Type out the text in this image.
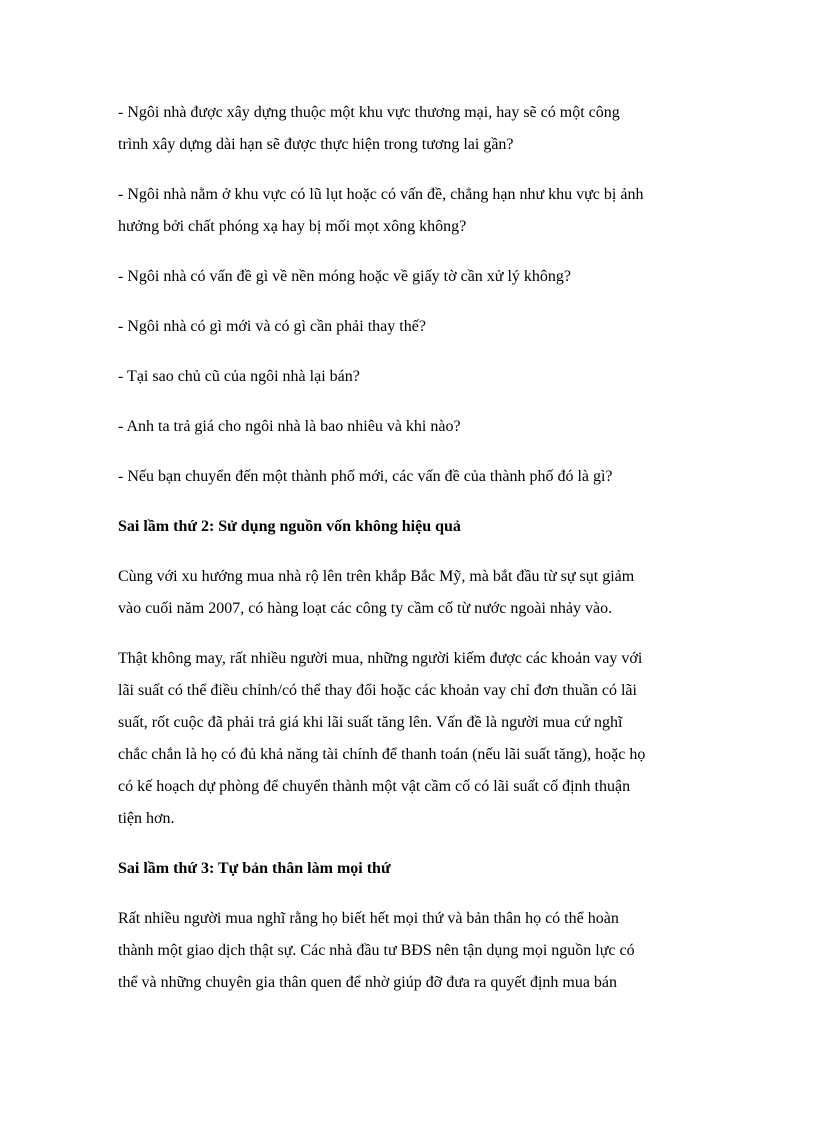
- Ngôi nhà được xây dựng thuộc một khu vực thương mại, hay sẽ có một công
trình xây dựng dài hạn sẽ được thực hiện trong tương lai gần?

- Ngôi nhà nằm ở khu vực có lũ lụt hoặc có vấn đề, chẳng hạn như khu vực bị ảnh
hưởng bởi chất phóng xạ hay bị mối mọt xông không?

- Ngôi nhà có vấn đề gì về nền móng hoặc về giấy tờ cần xử lý không?

- Ngôi nhà có gì mới và có gì cần phải thay thế?

- Tại sao chủ cũ của ngôi nhà lại bán?

- Anh ta trả giá cho ngôi nhà là bao nhiêu và khi nào?

- Nếu bạn chuyển đến một thành phố mới, các vấn đề của thành phố đó là gì?

Sai lầm thứ 2: Sử dụng nguồn vốn không hiệu quả

Cùng với xu hướng mua nhà rộ lên trên khắp Bắc Mỹ, mà bắt đầu từ sự sụt giảm
vào cuối năm 2007, có hàng loạt các công ty cầm cố từ nước ngoài nhảy vào.

Thật không may, rất nhiều người mua, những người kiếm được các khoản vay với
lãi suất có thể điều chỉnh/có thể thay đổi hoặc các khoản vay chỉ đơn thuần có lãi
suất, rốt cuộc đã phải trả giá khi lãi suất tăng lên. Vấn đề là người mua cứ nghĩ
chắc chắn là họ có đủ khả năng tài chính để thanh toán (nếu lãi suất tăng), hoặc họ
có kế hoạch dự phòng để chuyển thành một vật cầm cố có lãi suất cố định thuận
tiện hơn.

Sai lầm thứ 3: Tự bản thân làm mọi thứ

Rất nhiều người mua nghĩ rằng họ biết hết mọi thứ và bản thân họ có thể hoàn
thành một giao dịch thật sự. Các nhà đầu tư BĐS nên tận dụng mọi nguồn lực có
thể và những chuyên gia thân quen để nhờ giúp đỡ đưa ra quyết định mua bán
